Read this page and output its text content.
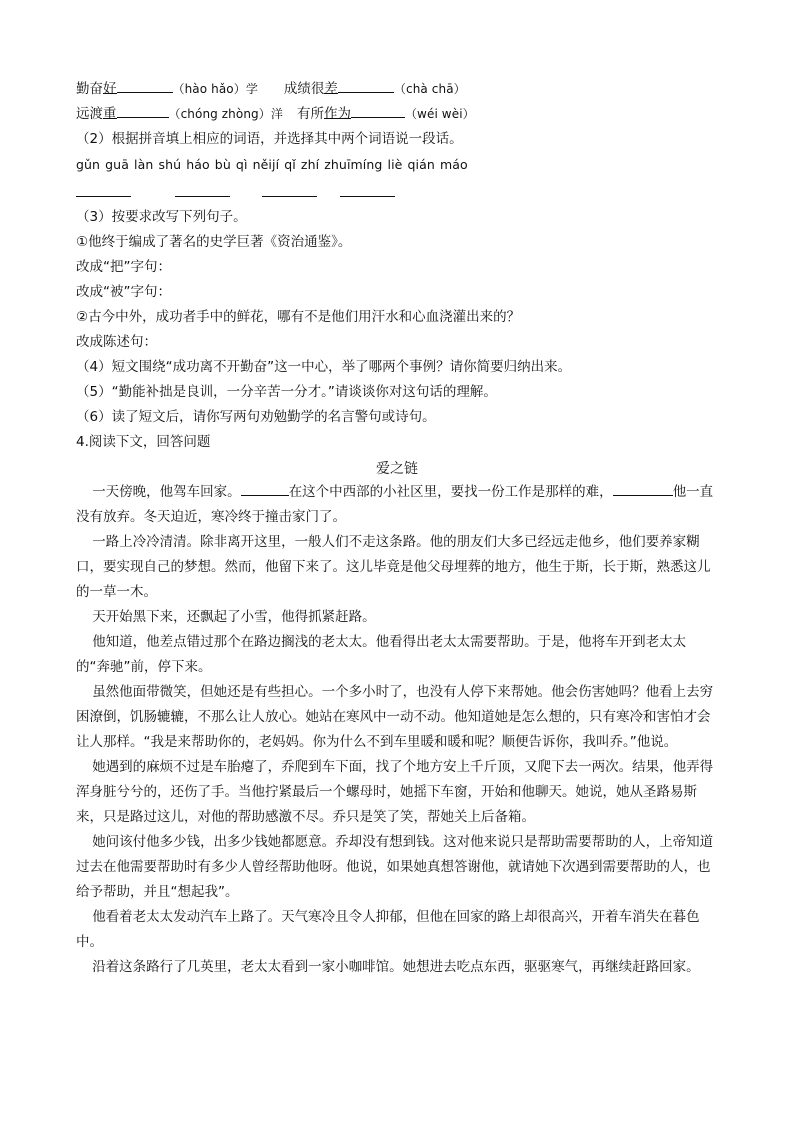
勤奋好	（hào hǎo）学 成绩很差	（chà chā）
远渡重	（chóng zhòng）洋 有所作为	（wéi wèi）
（2）根据拼音填上相应的词语，并选择其中两个词语说一段话。
gǔn guā làn shú háo bù qì něijí qǐ zhí zhuīmíng liè qián máo
（3）按要求改写下列句子。
①他终于编成了著名的史学巨著《资治通鉴》。
改成“把”字句：
改成“被”字句：
②古今中外，成功者手中的鲜花，哪有不是他们用汗水和心血浇灌出来的？
改成陈述句：
（4）短文围绕“成功离不开勤奋”这一中心，举了哪两个事例？请你简要归纳出来。
（5）“勤能补拙是良训，一分辛苦一分才。”请谈谈你对这句话的理解。
（6）读了短文后，请你写两句劝勉勤学的名言警句或诗句。
4.阅读下文，回答问题
爱之链
一天傍晚，他驾车回家。	在这个中西部的小社区里，要找一份工作是那样的难，	他一直没有放弃。冬天迫近，寒冷终于撞击家门了。
一路上冷冷清清。除非离开这里，一般人们不走这条路。他的朋友们大多已经远走他乡，他们要养家糊口，要实现自己的梦想。然而，他留下来了。这儿毕竟是他父母埋葬的地方，他生于斯，长于斯，熟悉这儿的一草一木。
天开始黑下来，还飘起了小雪，他得抓紧赶路。
他知道，他差点错过那个在路边搁浅的老太太。他看得出老太太需要帮助。于是，他将车开到老太太的“奔驰”前，停下来。
虽然他面带微笑，但她还是有些担心。一个多小时了，也没有人停下来帮她。他会伤害她吗？他看上去穷困潦倒，饥肠辘辘，不那么让人放心。她站在寒风中一动不动。他知道她是怎么想的，只有寒冷和害怕才会让人那样。“我是来帮助你的，老妈妈。你为什么不到车里暖和暖和呢？顺便告诉你，我叫乔。”他说。
她遇到的麻烦不过是车胎瘪了，乔爬到车下面，找了个地方安上千斤顶，又爬下去一两次。结果，他弄得浑身脏兮兮的，还伤了手。当他拧紧最后一个螺母时，她摇下车窗，开始和他聊天。她说，她从圣路易斯来，只是路过这儿，对他的帮助感激不尽。乔只是笑了笑，帮她关上后备箱。
她问该付他多少钱，出多少钱她都愿意。乔却没有想到钱。这对他来说只是帮助需要帮助的人，上帝知道过去在他需要帮助时有多少人曾经帮助他呀。他说，如果她真想答谢他，就请她下次遇到需要帮助的人，也给予帮助，并且“想起我”。
他看着老太太发动汽车上路了。天气寒冷且令人抑郁，但他在回家的路上却很高兴，开着车消失在暮色中。
沿着这条路行了几英里，老太太看到一家小咖啡馆。她想进去吃点东西，驱驱寒气，再继续赶路回家。
